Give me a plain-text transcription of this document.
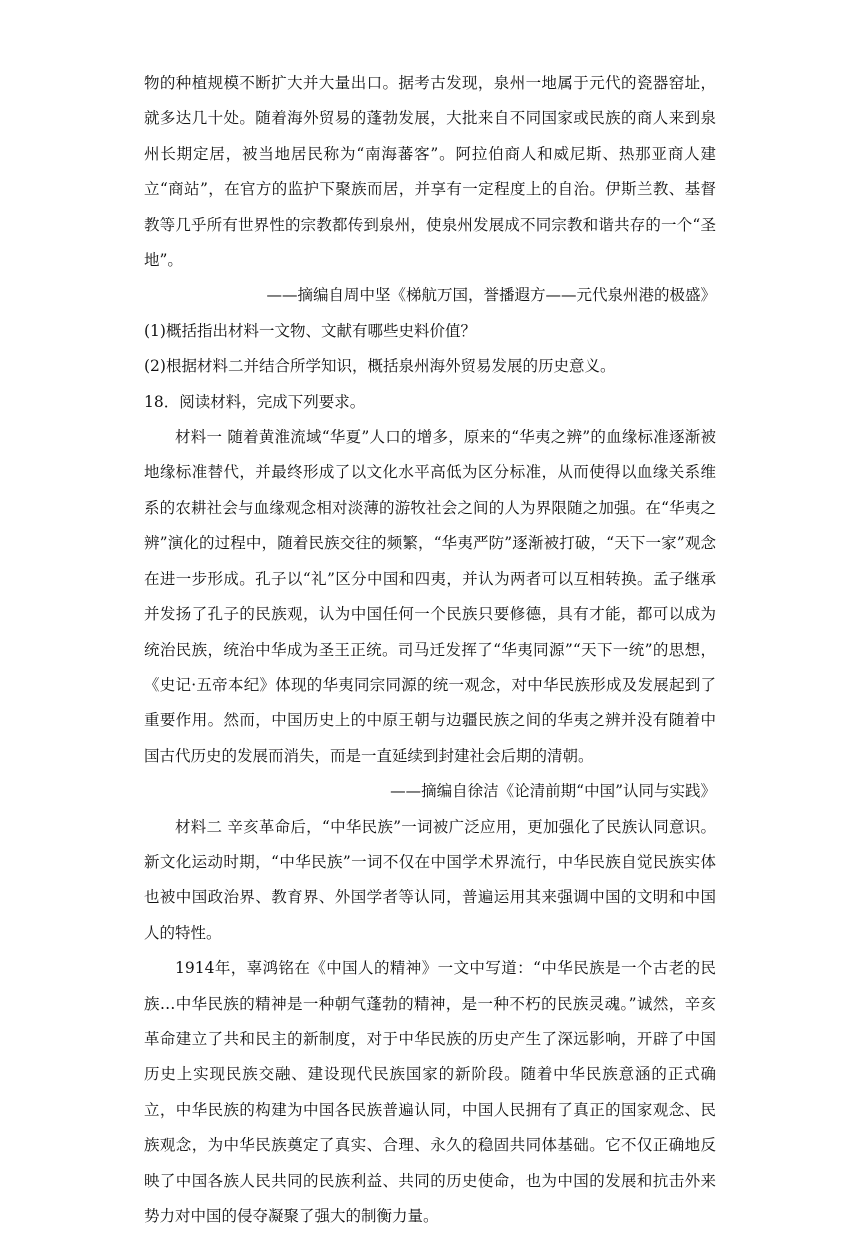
物的种植规模不断扩大并大量出口。据考古发现，泉州一地属于元代的瓷器窑址，就多达几十处。随着海外贸易的蓬勃发展，大批来自不同国家或民族的商人来到泉州长期定居，被当地居民称为“南海蕃客”。阿拉伯商人和威尼斯、热那亚商人建立“商站”，在官方的监护下聚族而居，并享有一定程度上的自治。伊斯兰教、基督教等几乎所有世界性的宗教都传到泉州，使泉州发展成不同宗教和谐共存的一个“圣地”。

——摘编自周中坚《梯航万国，誉播遐方——元代泉州港的极盛》

(1)概括指出材料一文物、文献有哪些史料价值？

(2)根据材料二并结合所学知识，概括泉州海外贸易发展的历史意义。

18．阅读材料，完成下列要求。

材料一 随着黄淮流域“华夏”人口的增多，原来的“华夷之辨”的血缘标准逐渐被地缘标准替代，并最终形成了以文化水平高低为区分标准，从而使得以血缘关系维系的农耕社会与血缘观念相对淡薄的游牧社会之间的人为界限随之加强。在“华夷之辨”演化的过程中，随着民族交往的频繁，“华夷严防”逐渐被打破，“天下一家”观念在进一步形成。孔子以“礼”区分中国和四夷，并认为两者可以互相转换。孟子继承并发扬了孔子的民族观，认为中国任何一个民族只要修德，具有才能，都可以成为统治民族，统治中华成为圣王正统。司马迁发挥了“华夷同源”“天下一统”的思想，《史记·五帝本纪》体现的华夷同宗同源的统一观念，对中华民族形成及发展起到了重要作用。然而，中国历史上的中原王朝与边疆民族之间的华夷之辨并没有随着中国古代历史的发展而消失，而是一直延续到封建社会后期的清朝。

——摘编自徐洁《论清前期“中国”认同与实践》

材料二 辛亥革命后，“中华民族”一词被广泛应用，更加强化了民族认同意识。新文化运动时期，“中华民族”一词不仅在中国学术界流行，中华民族自觉民族实体也被中国政治界、教育界、外国学者等认同，普遍运用其来强调中国的文明和中国人的特性。

1914年，辜鸿铭在《中国人的精神》一文中写道：“中华民族是一个古老的民族…中华民族的精神是一种朝气蓬勃的精神，是一种不朽的民族灵魂。”诚然，辛亥革命建立了共和民主的新制度，对于中华民族的历史产生了深远影响，开辟了中国历史上实现民族交融、建设现代民族国家的新阶段。随着中华民族意涵的正式确立，中华民族的构建为中国各民族普遍认同，中国人民拥有了真正的国家观念、民族观念，为中华民族奠定了真实、合理、永久的稳固共同体基础。它不仅正确地反映了中国各族人民共同的民族利益、共同的历史使命，也为中国的发展和抗击外来势力对中国的侵夺凝聚了强大的制衡力量。
